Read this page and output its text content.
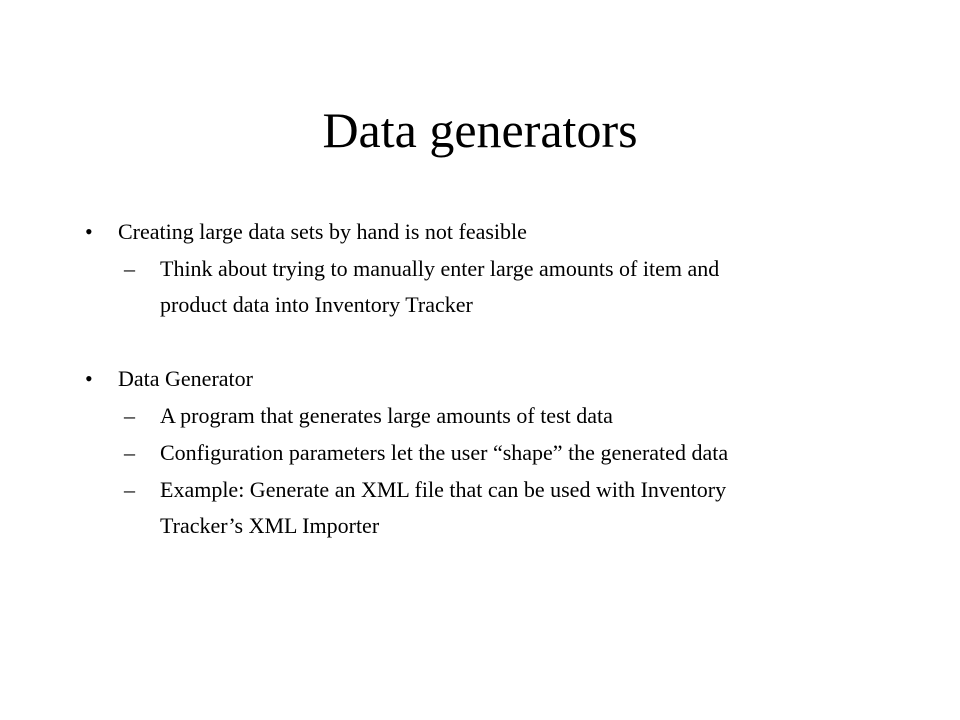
Data generators
• Creating large data sets by hand is not feasible
– Think about trying to manually enter large amounts of item and
product data into Inventory Tracker
• Data Generator
– A program that generates large amounts of test data
– Configuration parameters let the user “shape” the generated data
– Example: Generate an XML file that can be used with Inventory
Tracker’s XML Importer
